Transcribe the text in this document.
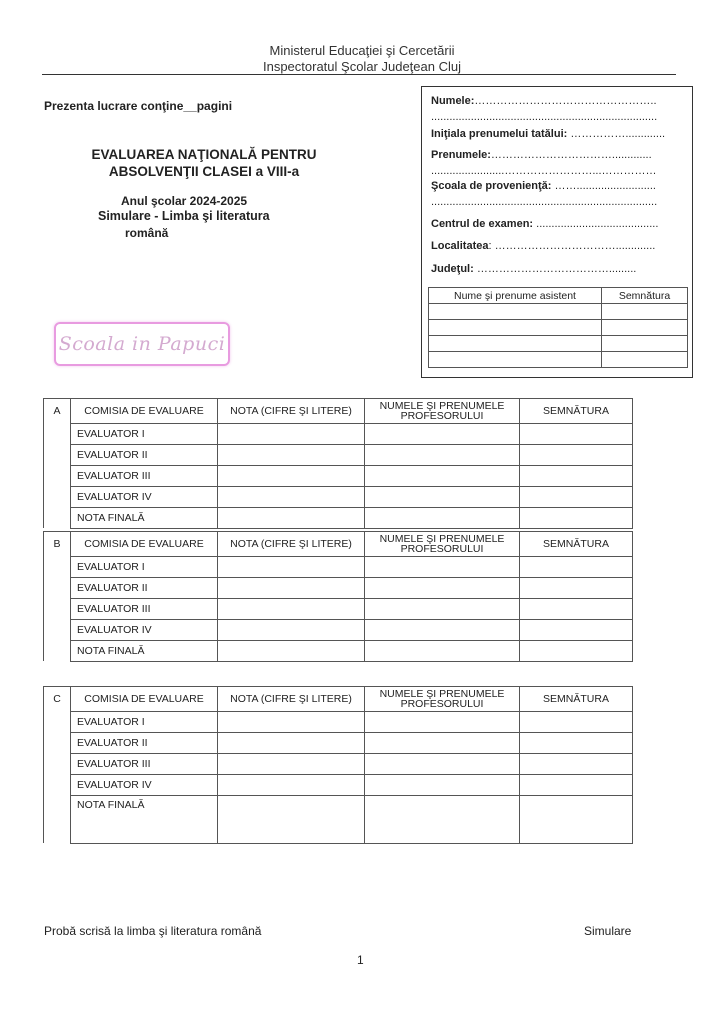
Ministerul Educaţiei şi Cercetării
Inspectoratul Şcolar Judeţean Cluj
Prezenta lucrare conţine__pagini
EVALUAREA NAŢIONALĂ PENTRU
ABSOLVENŢII CLASEI a VIII-a
Anul şcolar 2024-2025
Simulare - Limba şi literatura
română
Numele:…………………………………………..
..........................................................................
Iniţiala prenumelui tatălui: …………….............
Prenumele:…………………………….............
........................……………………...……………
Şcoala de provenienţă: ……..........................
..........................................................................
Centrul de examen: ........................................
Localitatea: …………………………….............
Judeţul: ……………………………….........
Nume şi prenume asistent	Semnătura

Scoala in Papuci
A	COMISIA DE EVALUARE	NOTA (CIFRE ŞI LITERE)	NUMELE ŞI PRENUMELE PROFESORULUI	SEMNĂTURA
	EVALUATOR I			
	EVALUATOR II			
	EVALUATOR III			
	EVALUATOR IV			
	NOTA FINALĂ			
B	COMISIA DE EVALUARE	NOTA (CIFRE ŞI LITERE)	NUMELE ŞI PRENUMELE PROFESORULUI	SEMNĂTURA
	EVALUATOR I			
	EVALUATOR II			
	EVALUATOR III			
	EVALUATOR IV			
	NOTA FINALĂ			
C	COMISIA DE EVALUARE	NOTA (CIFRE ŞI LITERE)	NUMELE ŞI PRENUMELE PROFESORULUI	SEMNĂTURA
	EVALUATOR I			
	EVALUATOR II			
	EVALUATOR III			
	EVALUATOR IV			
	NOTA FINALĂ			
Probă scrisă la limba şi literatura română	Simulare
1
